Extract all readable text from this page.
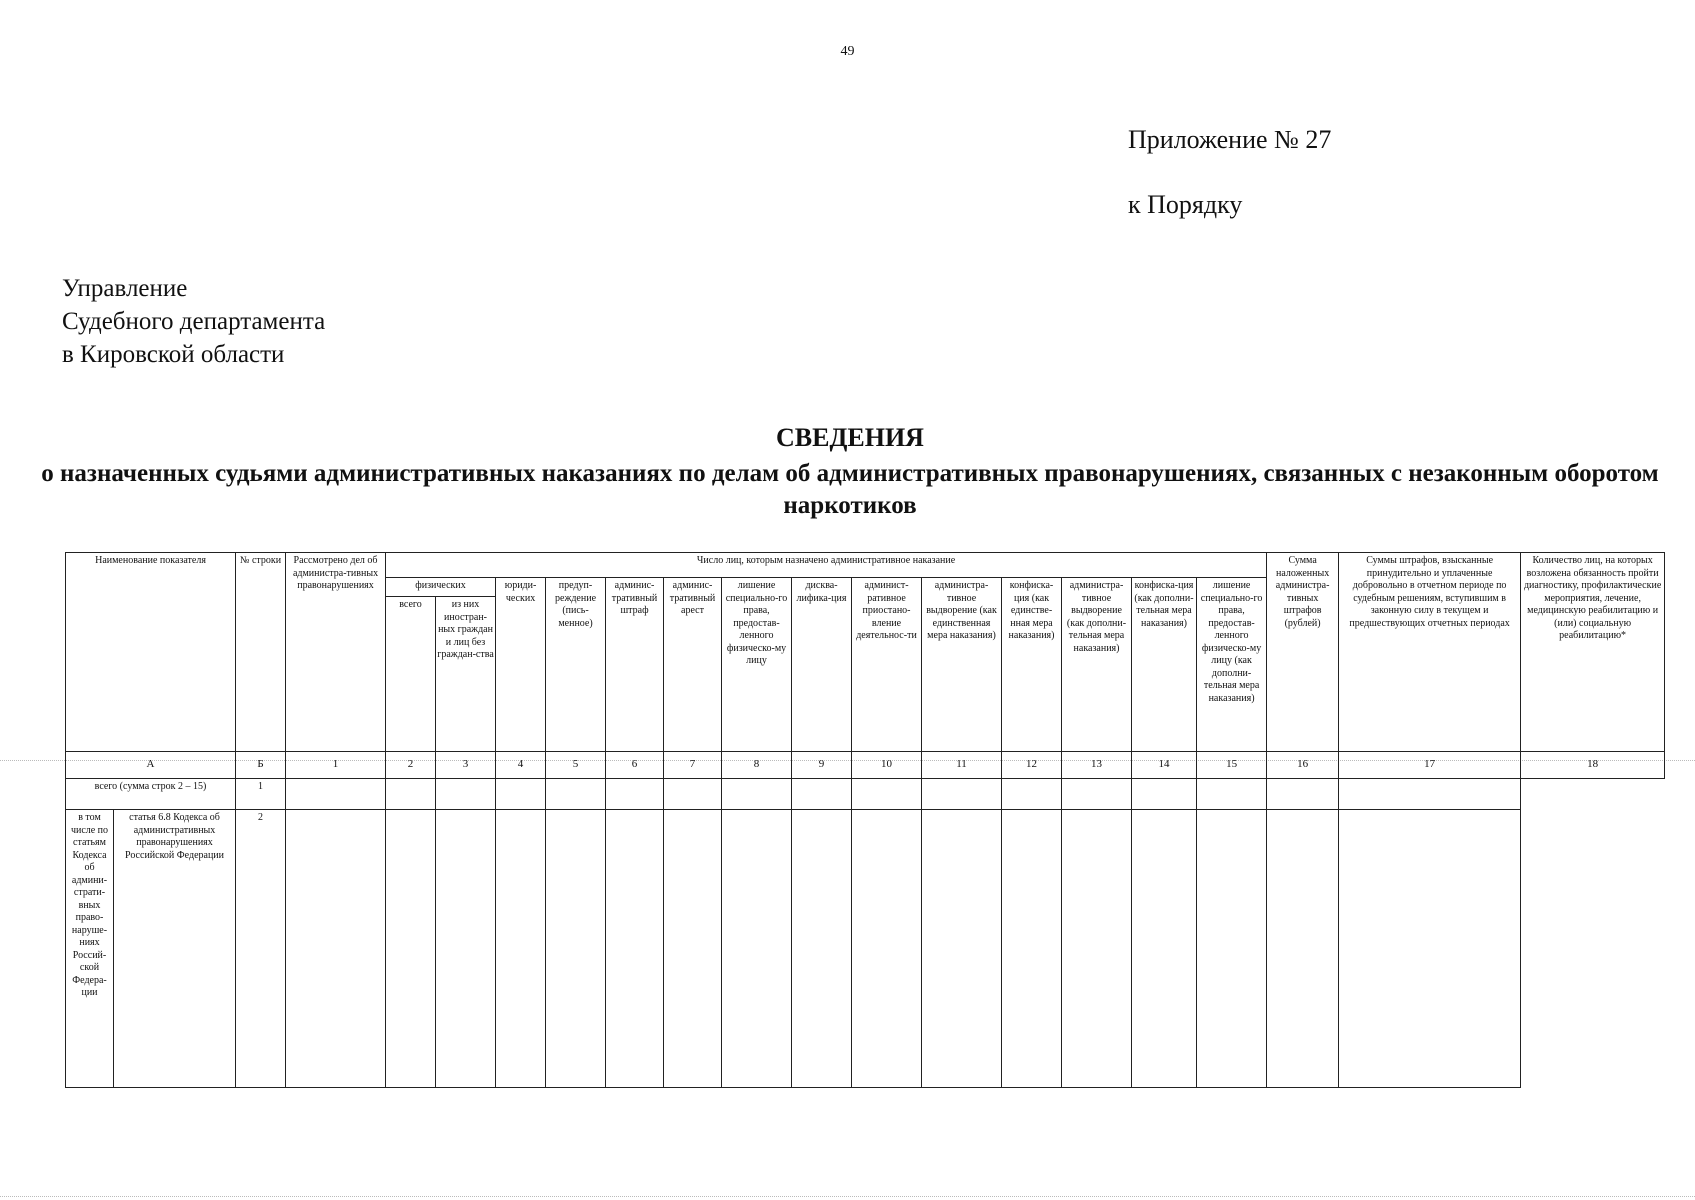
49
Приложение № 27
к Порядку
Управление
Судебного департамента
в Кировской области
СВЕДЕНИЯ
о назначенных судьями административных наказаниях по делам об административных правонарушениях, связанных с незаконным оборотом наркотиков
Наименование показателя		№ строки	Рассмотрено дел об администра-тивных правонарушениях	Число лиц, которым назначено административное наказание														Сумма наложенных администра-тивных штрафов (рублей)	Суммы штрафов, взысканные принудительно и уплаченные добровольно в отчетном периоде по судебным решениям, вступившим в законную силу в текущем и предшествующих отчетных периодах	Количество лиц, на которых возложена обязанность пройти диагностику, профилактические мероприятия, лечение, медицинскую реабилитацию и (или) социальную реабилитацию*
				физических		юриди-ческих	предуп-реждение (пись-менное)	админис-тративный штраф	админис-тративный арест	лишение специально-го права, предостав-ленного физическо-му лицу	дисква-лифика-ция	админист-ративное приостано-вление деятельнос-ти	администра-тивное выдворение (как единственная мера наказания)	конфиска-ция (как единстве-нная мера наказания)	администра-тивное выдворение (как дополни-тельная мера наказания)	конфиска-ция (как дополни-тельная мера наказания)	лишение специально-го права, предостав-ленного физическо-му лицу (как дополни-тельная мера наказания)			
				всего	из них иностран-ных граждан и лиц без граждан-ства															
А		Б	1	2	3	4	5	6	7	8	9	10	11	12	13	14	15	16	17	18
всего (сумма строк 2 – 15)		1																		
в том числе по статьям Кодекса об админи-страти-вных право-наруше-ниях Россий-ской Федера-ции	статья 6.8 Кодекса об административных правонарушениях Российской Федерации	2																		
